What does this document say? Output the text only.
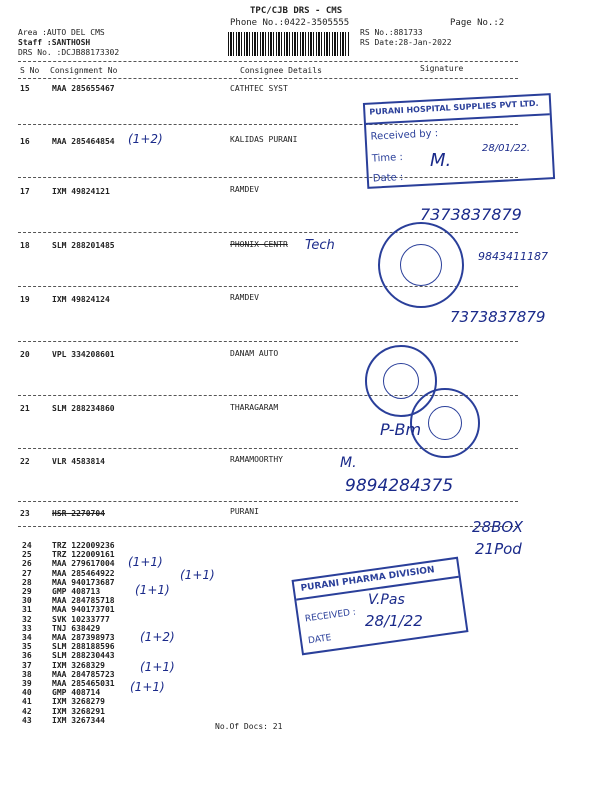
TPC/CJB DRS - CMS
Phone No.:0422-3505555
Area :AUTO DEL CMS
Staff :SANTHOSH
DRS No. :DCJB88173302
RS No.:881733
RS Date:28-Jan-2022
Page No.:2
S No Consignment No	Consignee Details	Signature
15	MAA 285655467	CATHTEC SYST
16	MAA 285464854	KALIDAS PURANI
17	IXM 49824121	RAMDEV
18	SLM 288201485	PHONIX CENTR
19	IXM 49824124	RAMDEV
20	VPL 334208601	DANAM AUTO
21	SLM 288234860	THARAGARAM
22	VLR 4583814	RAMAMOORTHY
23	HSR 2270704	PURANI
24	TRZ 122009236
25	TRZ 122009161
26	MAA 279617004
27	MAA 285464922
28	MAA 940173687
29	GMP 408713
30	MAA 284785718
31	MAA 940173701
32	SVK 10233777
33	TNJ 638429
34	MAA 287398973
35	SLM 288188596
36	SLM 288230443
37	IXM 3268329
38	MAA 284785723
39	MAA 285465031
40	GMP 408714
41	IXM 3268279
42	IXM 3268291
43	IXM 3267344
No.Of Docs: 21
PURANI HOSPITAL SUPPLIES PVT LTD.
Received by :
Time :
Date :
PURANI PHARMA DIVISION
RECEIVED :
DATE
(1+2)
M.
28/01/22.
7373837879
Tech
9843411187
7373837879
P-Bm
M.
9894284375
28BOX
21Pod
(1+1)
(1+1)
(1+1)
(1+2)
(1+1)
(1+1)
V.Pas
28/1/22
